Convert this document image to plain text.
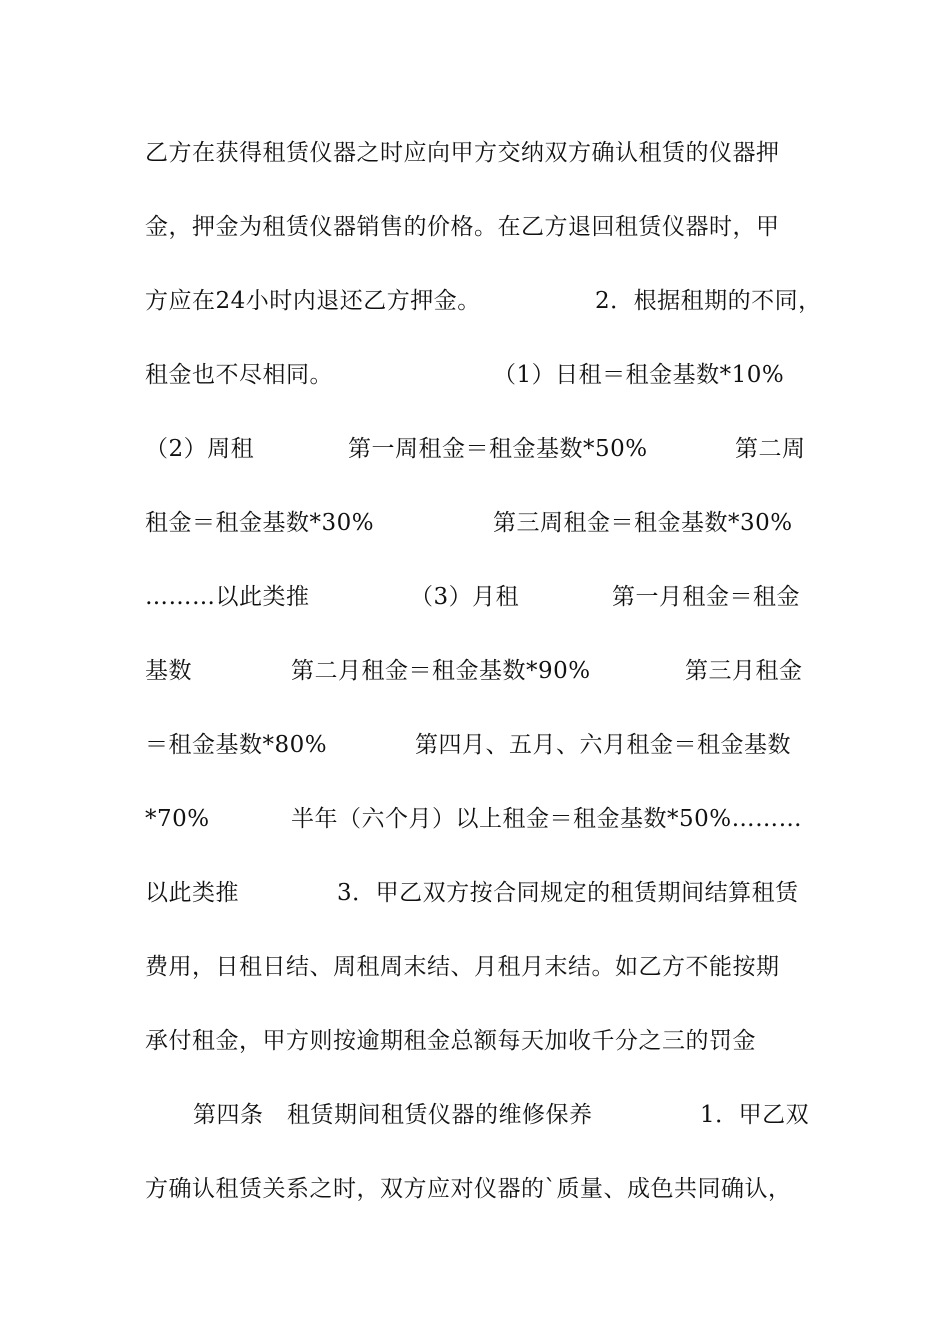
乙方在获得租赁仪器之时应向甲方交纳双方确认租赁的仪器押

金，押金为租赁仪器销售的价格。在乙方退回租赁仪器时，甲

方应在24小时内退还乙方押金。

	2．根据租期的不同，

租金也不尽相同。

	（1）日租＝租金基数*10%

（2）周租

	第一周租金＝租金基数*50%

	第二周

租金＝租金基数*30%

	第三周租金＝租金基数*30%

………以此类推

	（3）月租

	第一月租金＝租金

基数

	第二月租金＝租金基数*90%

	第三月租金

＝租金基数*80%

	第四月、五月、六月租金＝租金基数

*70%

	半年（六个月）以上租金＝租金基数*50%………

以此类推

	3．甲乙双方按合同规定的租赁期间结算租赁

费用，日租日结、周租周末结、月租月末结。如乙方不能按期

承付租金，甲方则按逾期租金总额每天加收千分之三的罚金

第四条　租赁期间租赁仪器的维修保养

	1．甲乙双

方确认租赁关系之时，双方应对仪器的`质量、成色共同确认，
